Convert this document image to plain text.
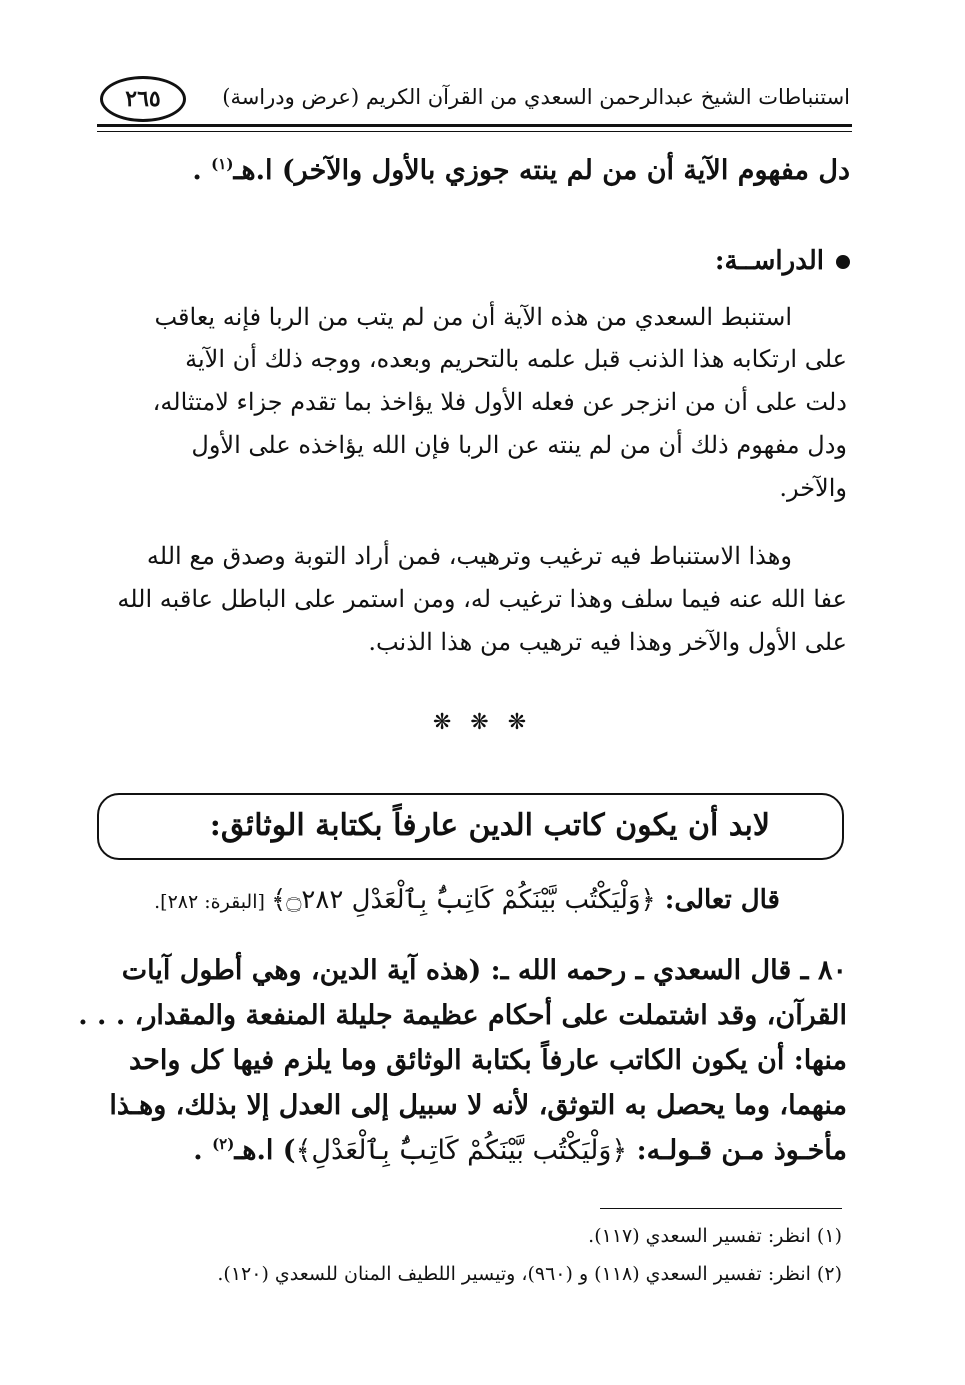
استنباطات الشيخ عبدالرحمن السعدي من القرآن الكريم (عرض ودراسة)
٢٦٥
دل مفهوم الآية أن من لم ينته جوزي بالأول والآخر) ا.هـ$^{(١)}$ .
الدراســة:
استنبط السعدي من هذه الآية أن من لم يتب من الربا فإنه يعاقب
على ارتكابه هذا الذنب قبل علمه بالتحريم وبعده، ووجه ذلك أن الآية
دلت على أن من انزجر عن فعله الأول فلا يؤاخذ بما تقدم جزاء لامتثاله،
ودل مفهوم ذلك أن من لم ينته عن الربا فإن الله يؤاخذه على الأول
والآخر.
وهذا الاستنباط فيه ترغيب وترهيب، فمن أراد التوبة وصدق مع الله
عفا الله عنه فيما سلف وهذا ترغيب له، ومن استمر على الباطل عاقبه الله
على الأول والآخر وهذا فيه ترهيب من هذا الذنب.
❋ ❋ ❋
لابد أن يكون كاتب الدين عارفاً بكتابة الوثائق:
قال تعالى: ﴿وَلْيَكْتُب بَّيْنَكُمْ كَاتِبٌۢ بِٱلْعَدْلِ ۝٢٨٢﴾ [البقرة: ٢٨٢].
٨٠ ـ قال السعدي ـ رحمه الله ـ: (هذه آية الدين، وهي أطول آيات
القرآن، وقد اشتملت على أحكام عظيمة جليلة المنفعة والمقدار، . . .
منها: أن يكون الكاتب عارفاً بكتابة الوثائق وما يلزم فيها كل واحد
منهما، وما يحصل به التوثق، لأنه لا سبيل إلى العدل إلا بذلك، وهـذا
مأخـوذ مـن قـولـه: ﴿وَلْيَكْتُب بَّيْنَكُمْ كَاتِبٌۢ بِٱلْعَدْلِ﴾) ا.هـ$^{(٢)}$ .
(١) انظر: تفسير السعدي (١١٧).
(٢) انظر: تفسير السعدي (١١٨) و (٩٦٠)، وتيسير اللطيف المنان للسعدي (١٢٠).
